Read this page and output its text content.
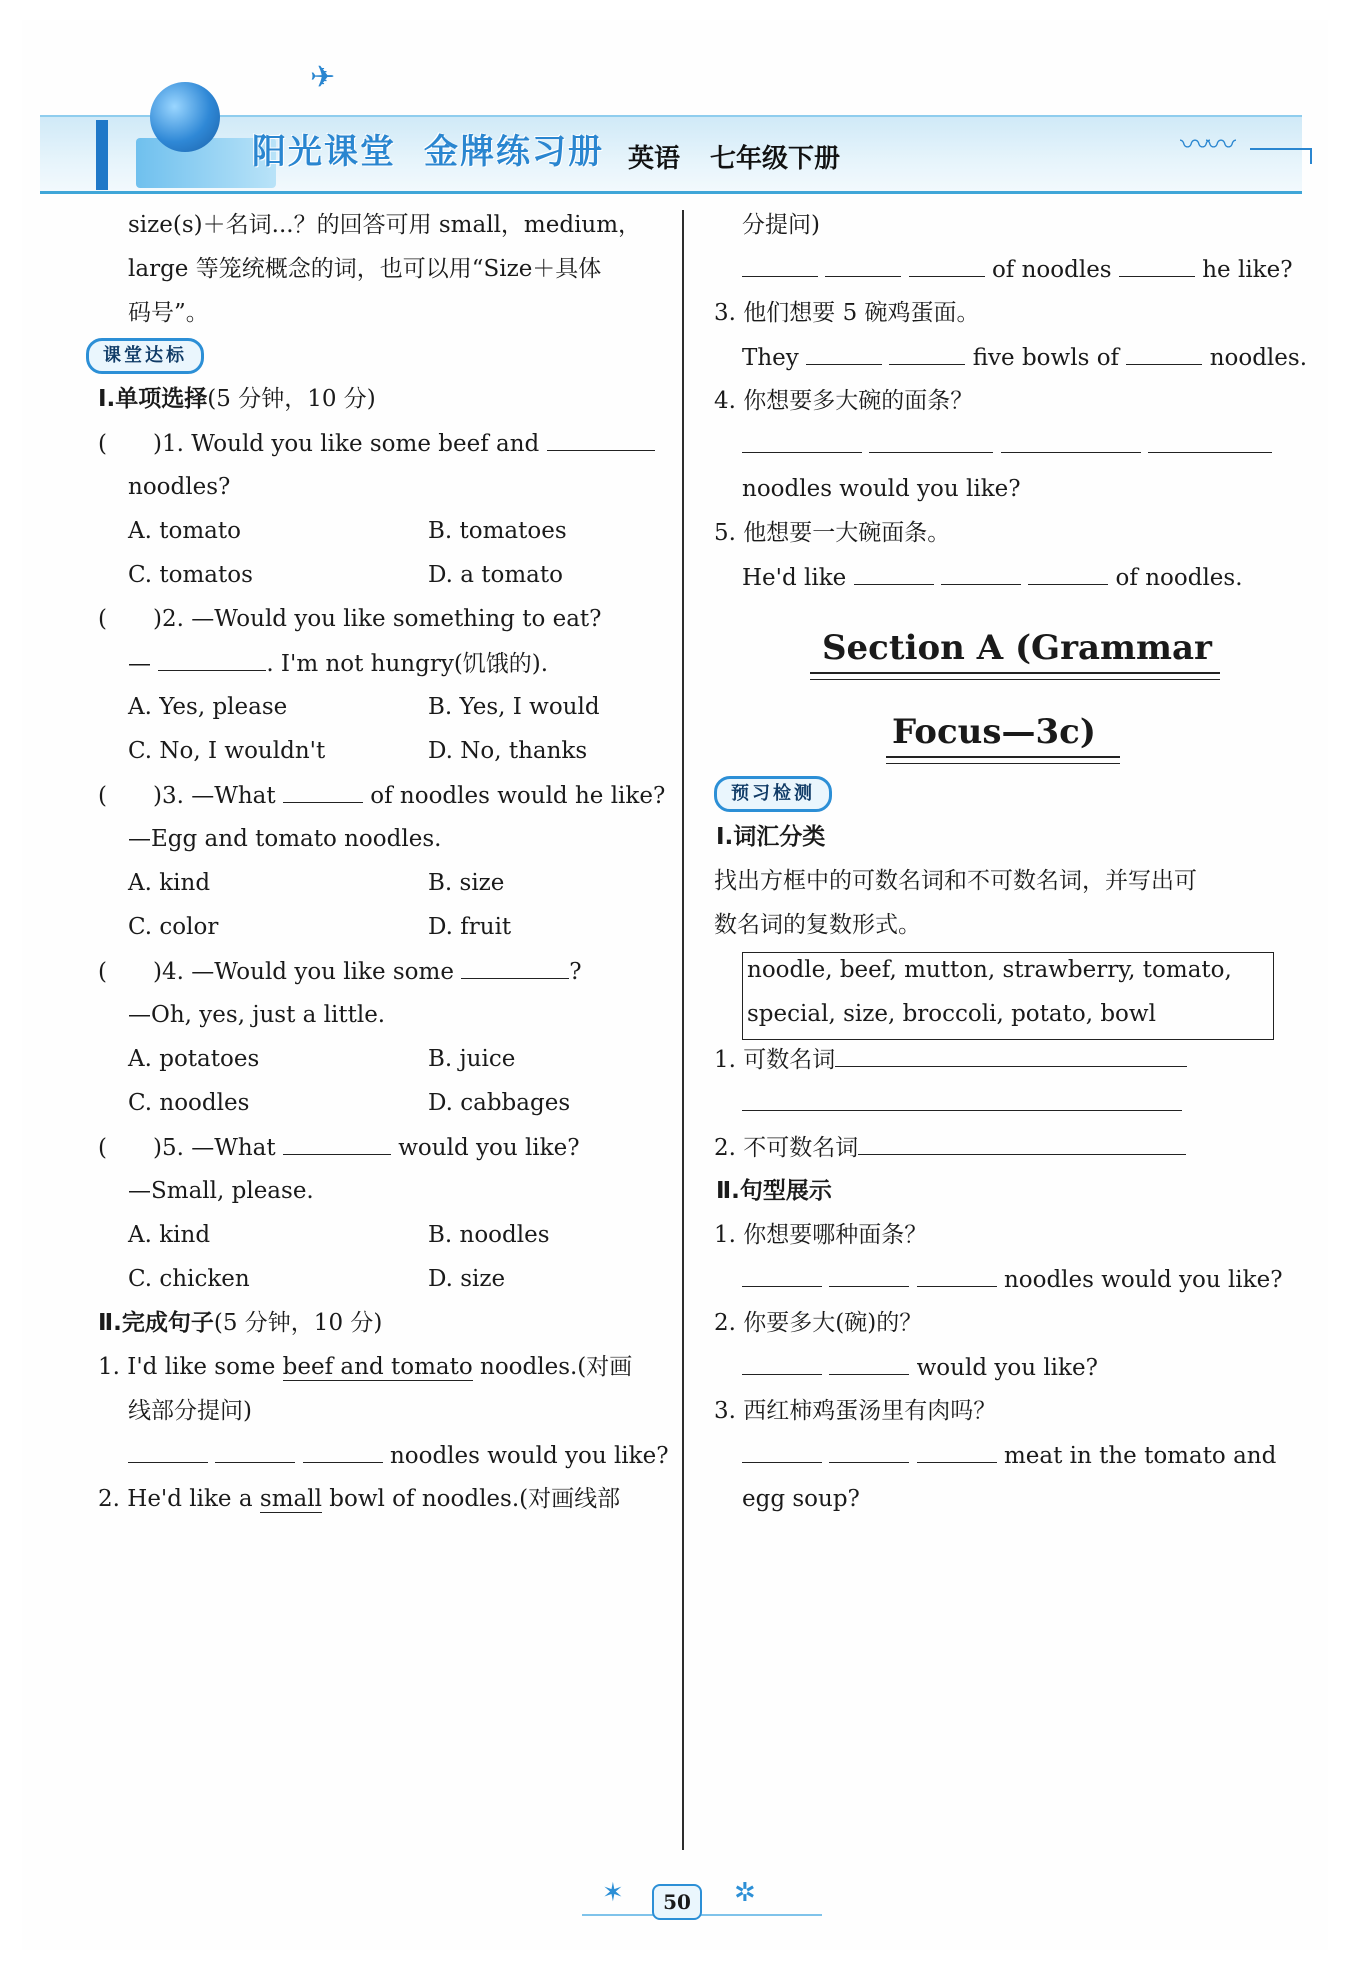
✈
阳光课堂 金牌练习册 英语 七年级下册	〰〰
size(s)＋名词...？的回答可用 small，medium，
large 等笼统概念的词，也可以用“Size＋具体
码号”。
课堂达标
Ⅰ.单项选择(5 分钟，10 分)
(　　)1. Would you like some beef and
noodles?
A. tomato	B. tomatoes
C. tomatos	D. a tomato
(　　)2. —Would you like something to eat?
—	. I'm not hungry(饥饿的).
A. Yes, please	B. Yes, I would
C. No, I wouldn't	D. No, thanks
(　　)3. —What	of noodles would he like?
—Egg and tomato noodles.
A. kind	B. size
C. color	D. fruit
(　　)4. —Would you like some	?
—Oh, yes, just a little.
A. potatoes	B. juice
C. noodles	D. cabbages
(　　)5. —What	would you like?
—Small, please.
A. kind	B. noodles
C. chicken	D. size
Ⅱ.完成句子(5 分钟，10 分)
1. I'd like some beef and tomato noodles.(对画
线部分提问)
noodles would you like?
2. He'd like a small bowl of noodles.(对画线部
分提问)
of noodles	he like?
3. 他们想要 5 碗鸡蛋面。
They	five bowls of	noodles.
4. 你想要多大碗的面条？

noodles would you like?
5. 他想要一大碗面条。
He'd like	of noodles.
Section A (Grammar
Focus—3c)
预习检测
Ⅰ.词汇分类
找出方框中的可数名词和不可数名词，并写出可
数名词的复数形式。
noodle, beef, mutton, strawberry, tomato,
special, size, broccoli, potato, bowl
1. 可数名词
2. 不可数名词
Ⅱ.句型展示
1. 你想要哪种面条？
noodles would you like?
2. 你要多大(碗)的？
would you like?
3. 西红柿鸡蛋汤里有肉吗？
meat in the tomato and
egg soup?
✶	✲
50
